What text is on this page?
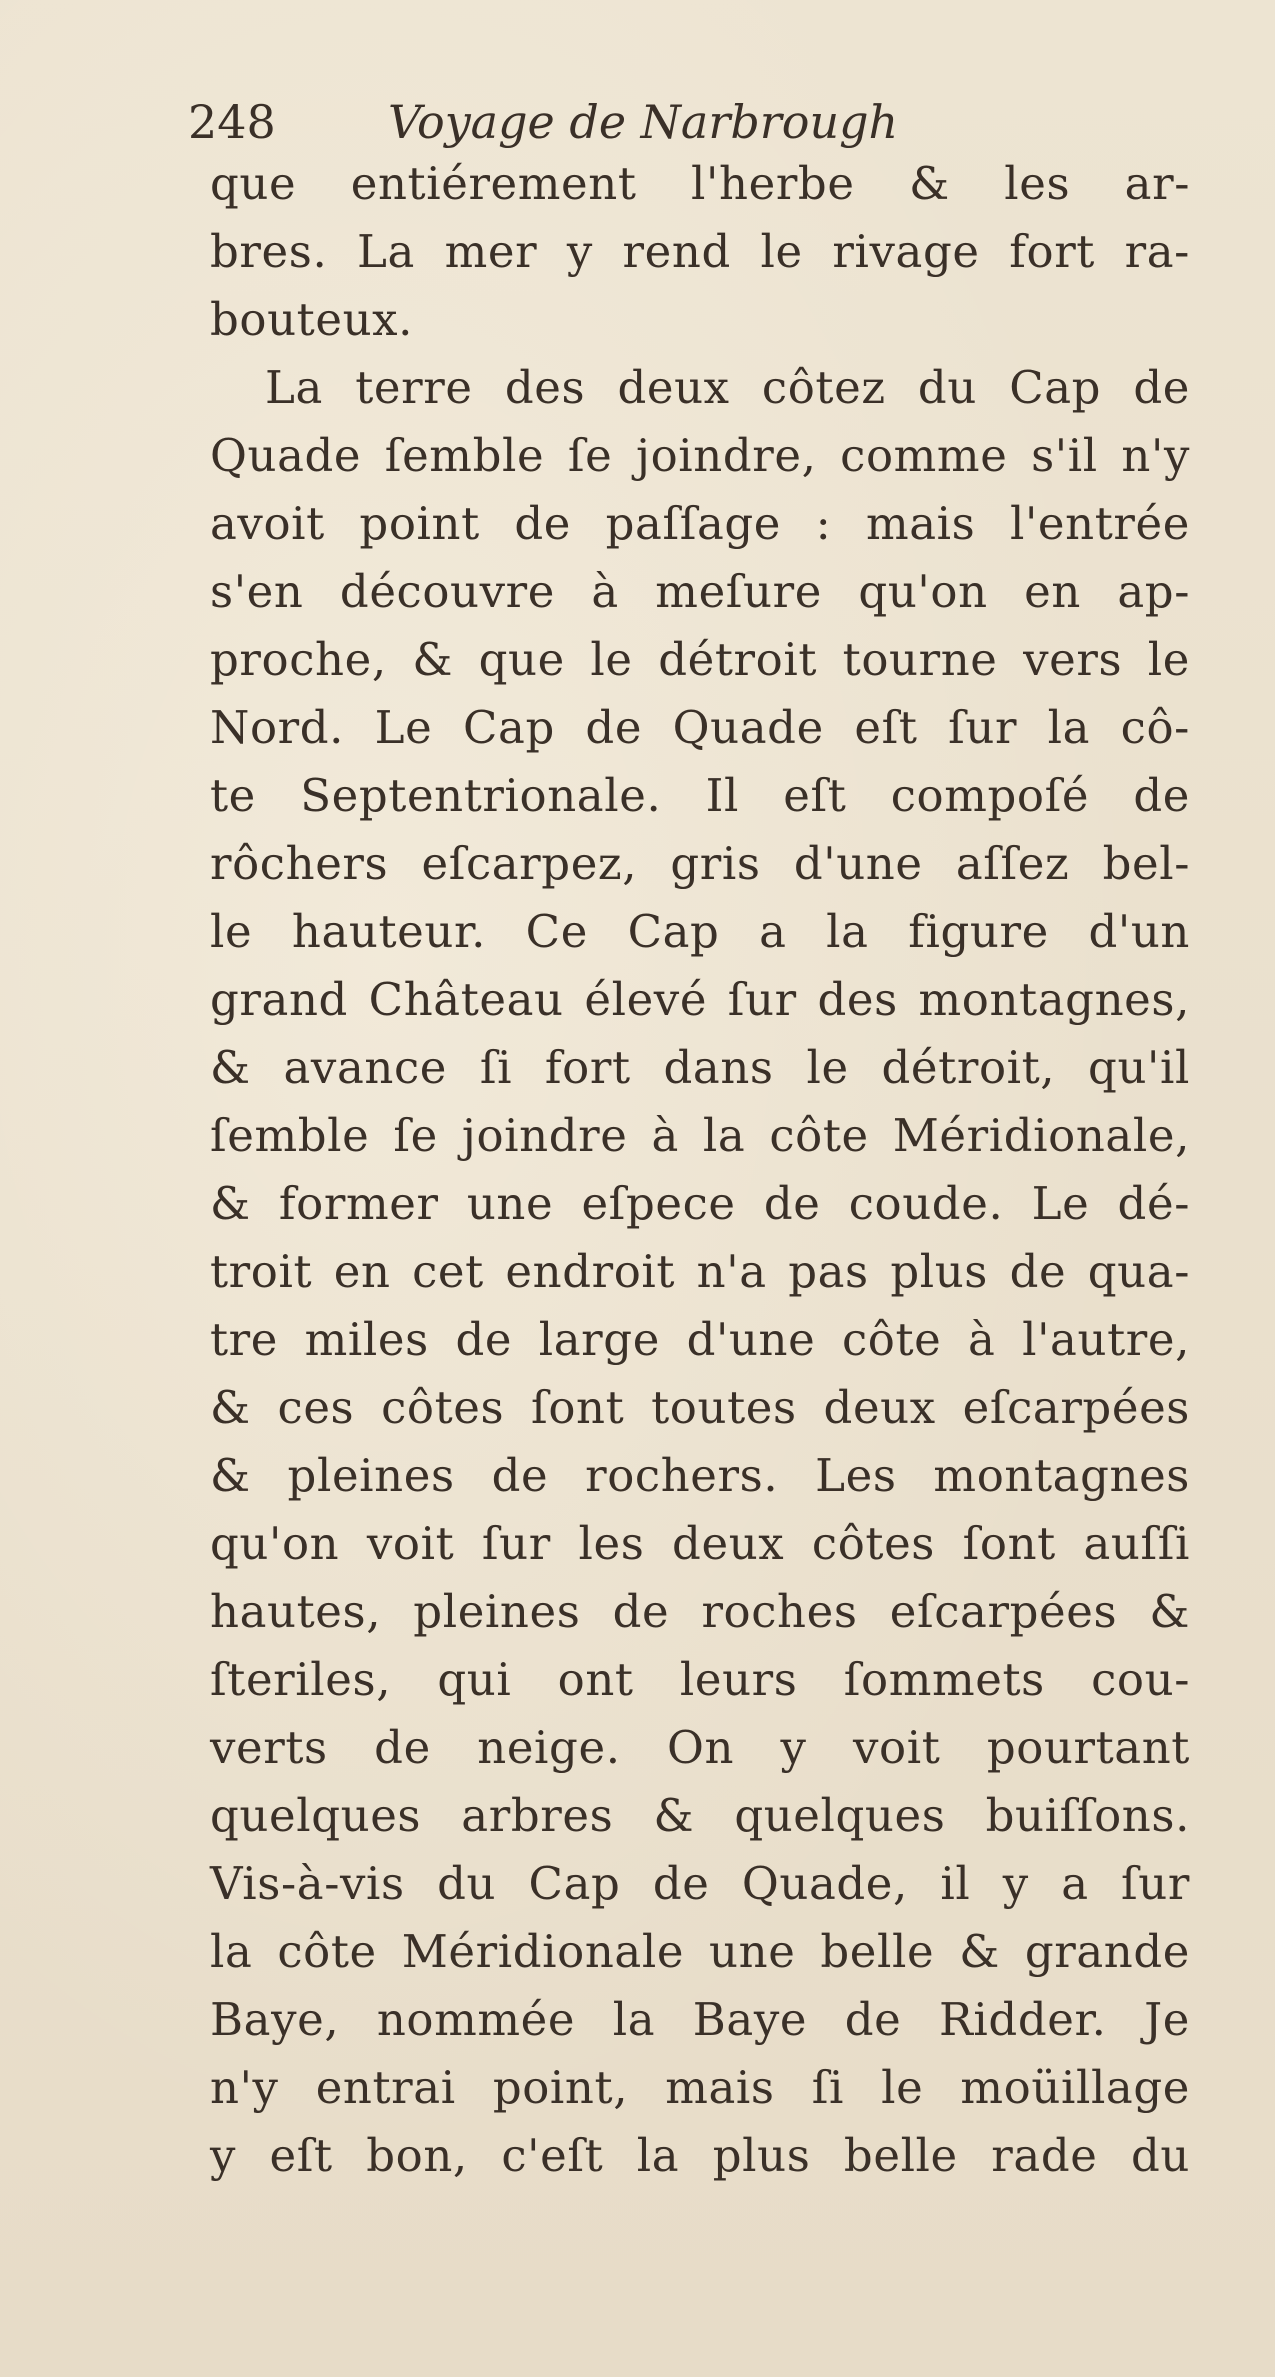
248 Voyage de Narbrough
que entiérement l'herbe & les ar-
bres. La mer y rend le rivage fort ra-
bouteux.
La terre des deux côtez du Cap de
Quade ſemble ſe joindre, comme s'il n'y
avoit point de paſſage : mais l'entrée
s'en découvre à meſure qu'on en ap-
proche, & que le détroit tourne vers le
Nord. Le Cap de Quade eſt ſur la cô-
te Septentrionale. Il eſt compoſé de
rôchers eſcarpez, gris d'une aſſez bel-
le hauteur. Ce Cap a la figure d'un
grand Château élevé ſur des montagnes,
& avance ſi fort dans le détroit, qu'il
ſemble ſe joindre à la côte Méridionale,
& former une eſpece de coude. Le dé-
troit en cet endroit n'a pas plus de qua-
tre miles de large d'une côte à l'autre,
& ces côtes ſont toutes deux eſcarpées
& pleines de rochers. Les montagnes
qu'on voit ſur les deux côtes ſont auſſi
hautes, pleines de roches eſcarpées &
ſteriles, qui ont leurs ſommets cou-
verts de neige. On y voit pourtant
quelques arbres & quelques buiſſons.
Vis-à-vis du Cap de Quade, il y a ſur
la côte Méridionale une belle & grande
Baye, nommée la Baye de Ridder. Je
n'y entrai point, mais ſi le moüillage
y eſt bon, c'eſt la plus belle rade du
